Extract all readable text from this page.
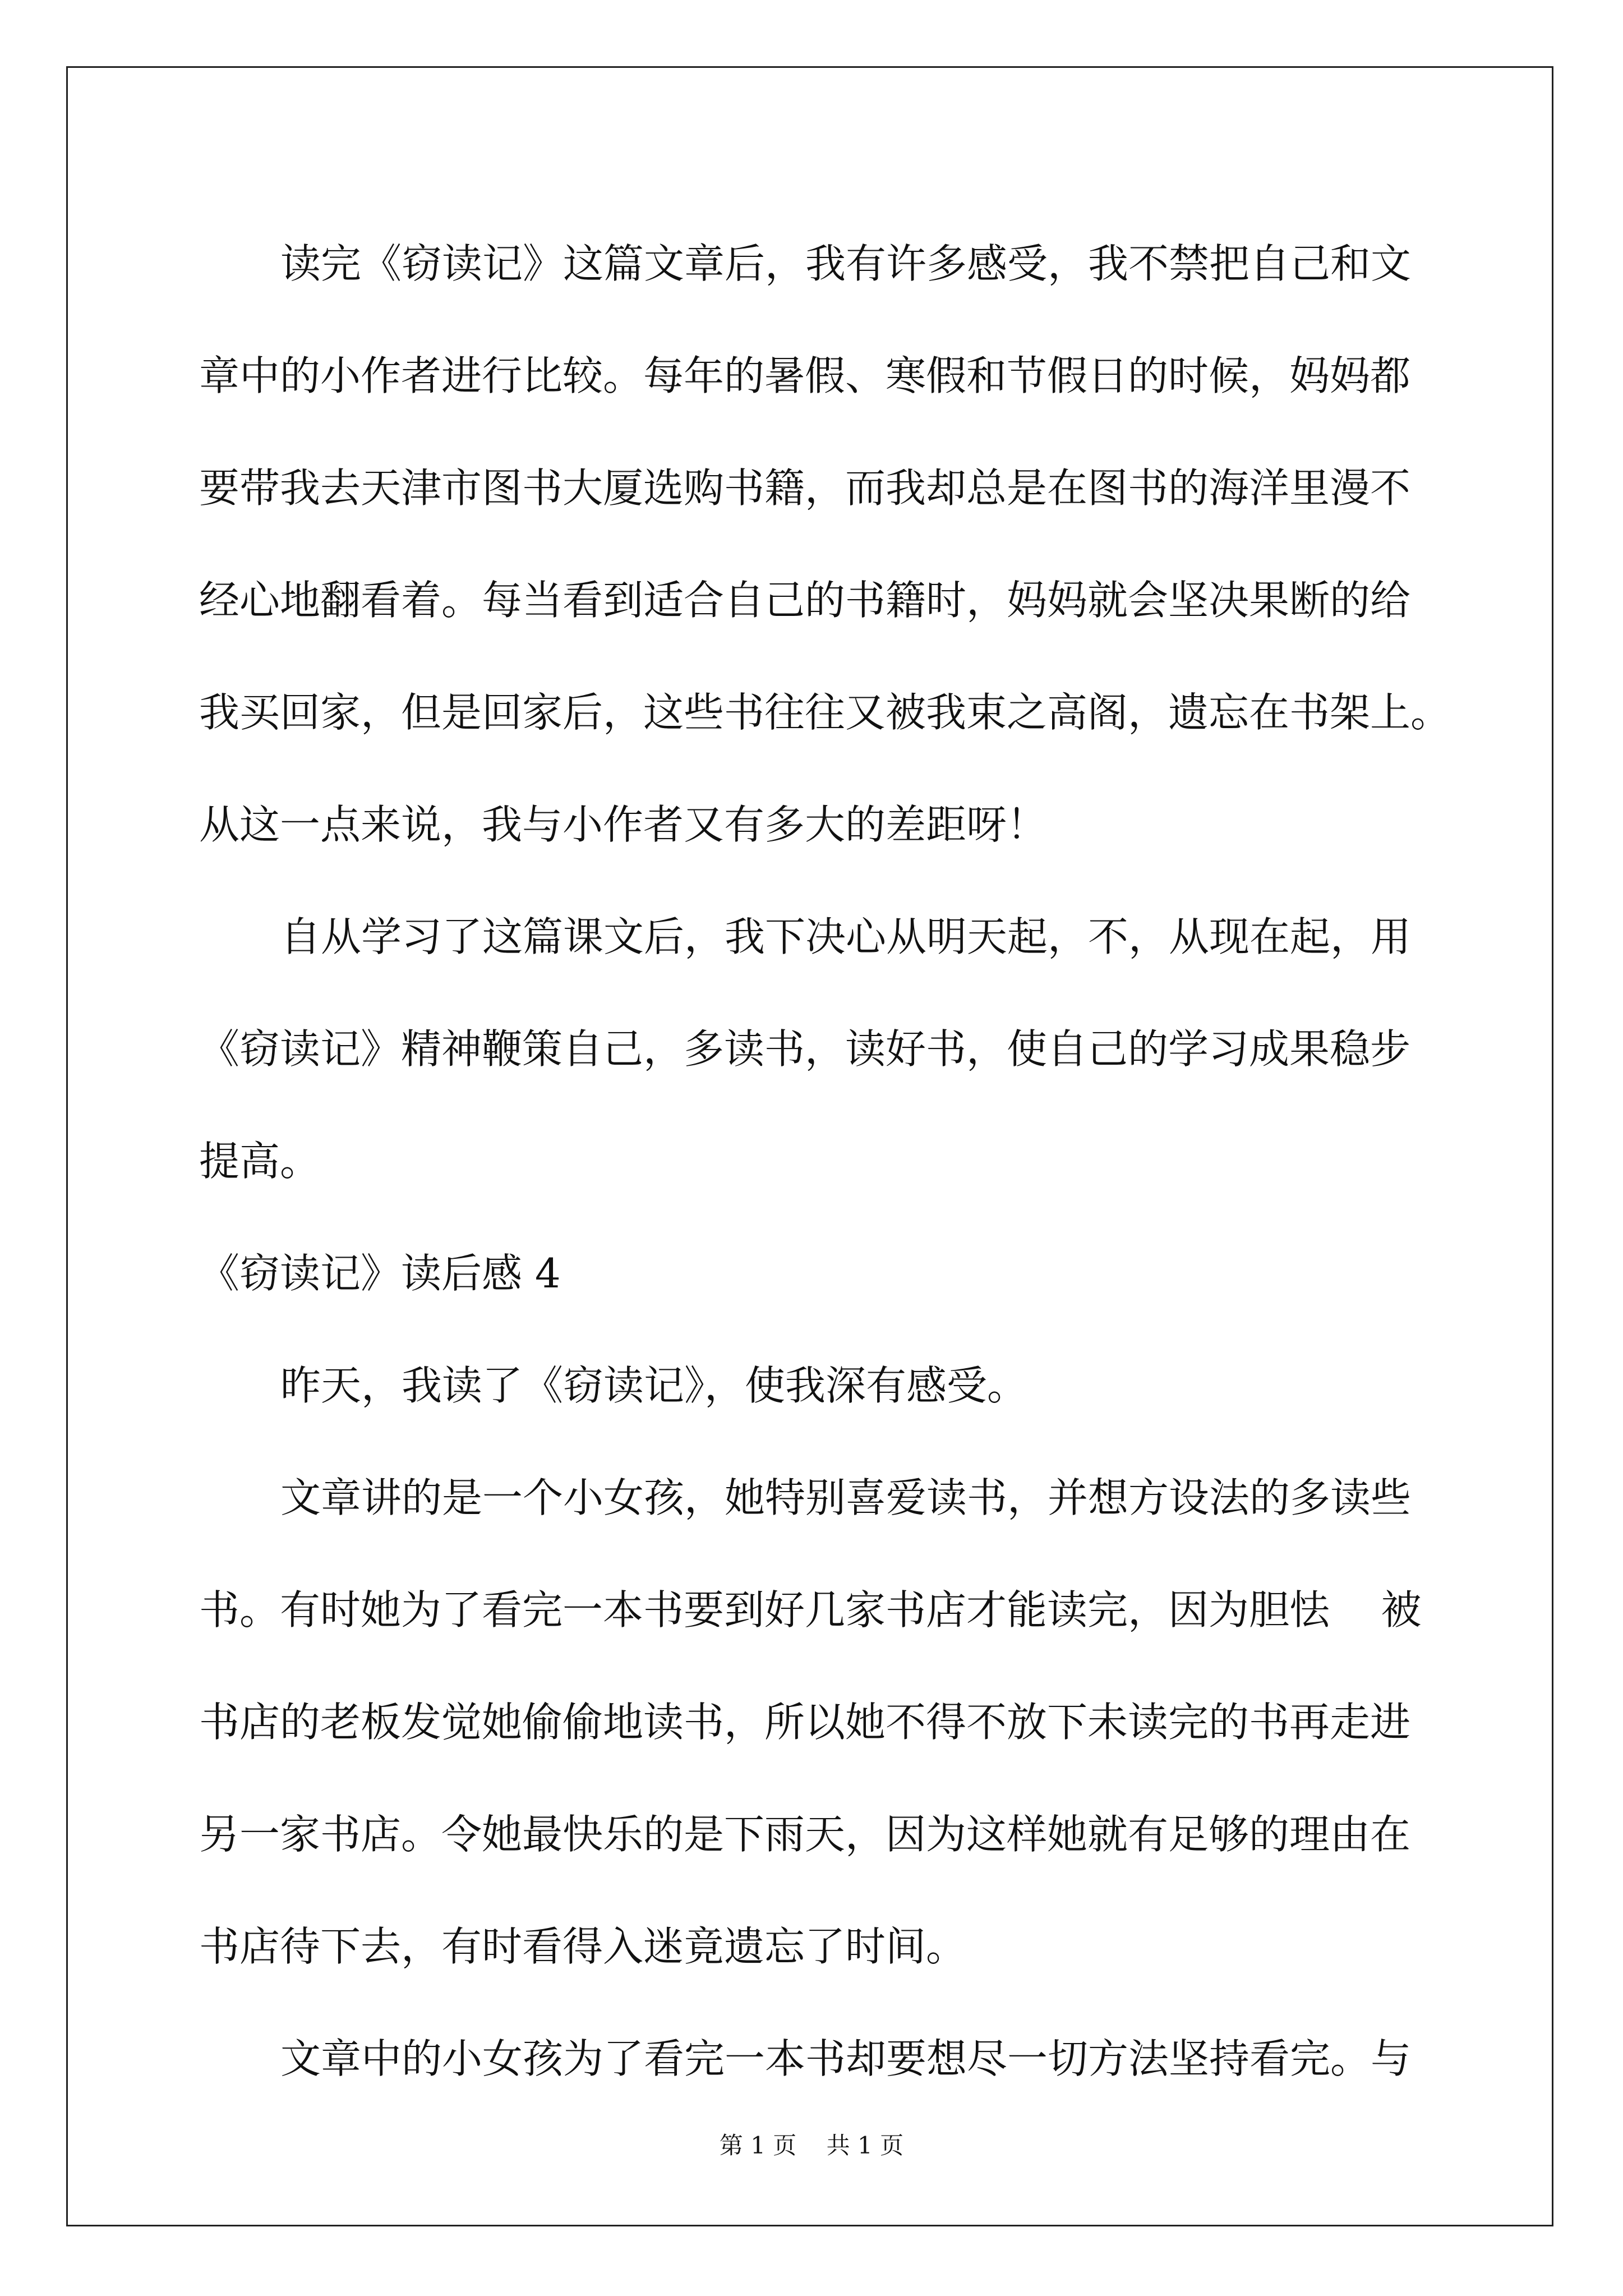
读完《窃读记》这篇文章后，我有许多感受，我不禁把自己和文

章中的小作者进行比较。每年的暑假、寒假和节假日的时候，妈妈都

要带我去天津市图书大厦选购书籍，而我却总是在图书的海洋里漫不

经心地翻看着。每当看到适合自己的书籍时，妈妈就会坚决果断的给

我买回家，但是回家后，这些书往往又被我束之高阁，遗忘在书架上。

从这一点来说，我与小作者又有多大的差距呀！

自从学习了这篇课文后，我下决心从明天起，不，从现在起，用

《窃读记》精神鞭策自己，多读书，读好书，使自己的学习成果稳步

提高。

《窃读记》读后感 4

昨天，我读了《窃读记》，使我深有感受。

文章讲的是一个小女孩，她特别喜爱读书，并想方设法的多读些

书。有时她为了看完一本书要到好几家书店才能读完，因为胆怯    被

书店的老板发觉她偷偷地读书，所以她不得不放下未读完的书再走进

另一家书店。令她最快乐的是下雨天，因为这样她就有足够的理由在

书店待下去，有时看得入迷竟遗忘了时间。

文章中的小女孩为了看完一本书却要想尽一切方法坚持看完。与

第 1 页 共 1 页
